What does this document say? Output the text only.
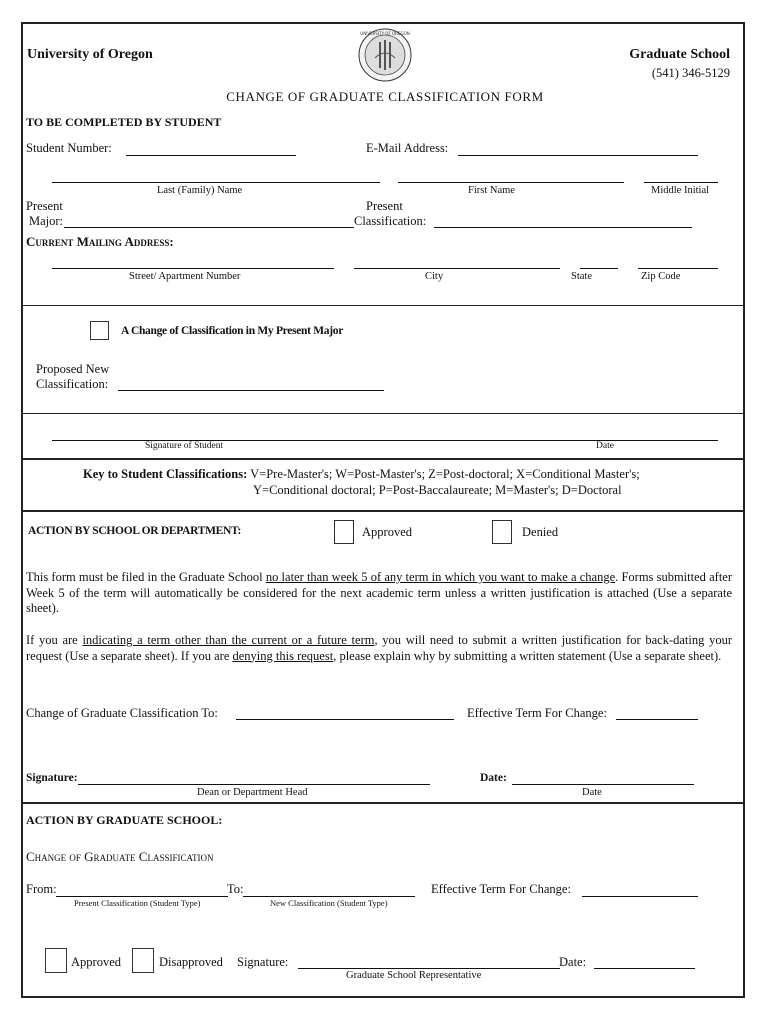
University of Oregon	Graduate School
(541) 346-5129
UNIVERSITY OF OREGON
CHANGE OF GRADUATE CLASSIFICATION FORM
TO BE COMPLETED BY STUDENT
Student Number:	E-Mail Address:
Last (Family) Name	First Name	Middle Initial
Present
Major:
Present
Classification:
Current Mailing Address:
Street/ Apartment Number	City	State	Zip Code
A Change of Classification in My Present Major
Proposed New
Classification:
Signature of Student	Date
Key to Student Classifications: V=Pre-Master's; W=Post-Master's; Z=Post-doctoral; X=Conditional Master's;
Y=Conditional doctoral; P=Post-Baccalaureate; M=Master's; D=Doctoral
ACTION BY SCHOOL OR DEPARTMENT:	Approved	Denied
This form must be filed in the Graduate School no later than week 5 of any term in which you want to make a change. Forms submitted after Week 5 of the term will automatically be considered for the next academic term unless a written justification is attached (Use a separate sheet).
If you are indicating a term other than the current or a future term, you will need to submit a written justification for back-dating your request (Use a separate sheet). If you are denying this request, please explain why by submitting a written statement (Use a separate sheet).
Change of Graduate Classification To:	Effective Term For Change:
Signature:	Date:
Dean or Department Head	Date
ACTION BY GRADUATE SCHOOL:
Change of Graduate Classification
From:	To:	Effective Term For Change:
Present Classification (Student Type)	New Classification (Student Type)
Approved	Disapproved Signature:	Date:
Graduate School Representative
